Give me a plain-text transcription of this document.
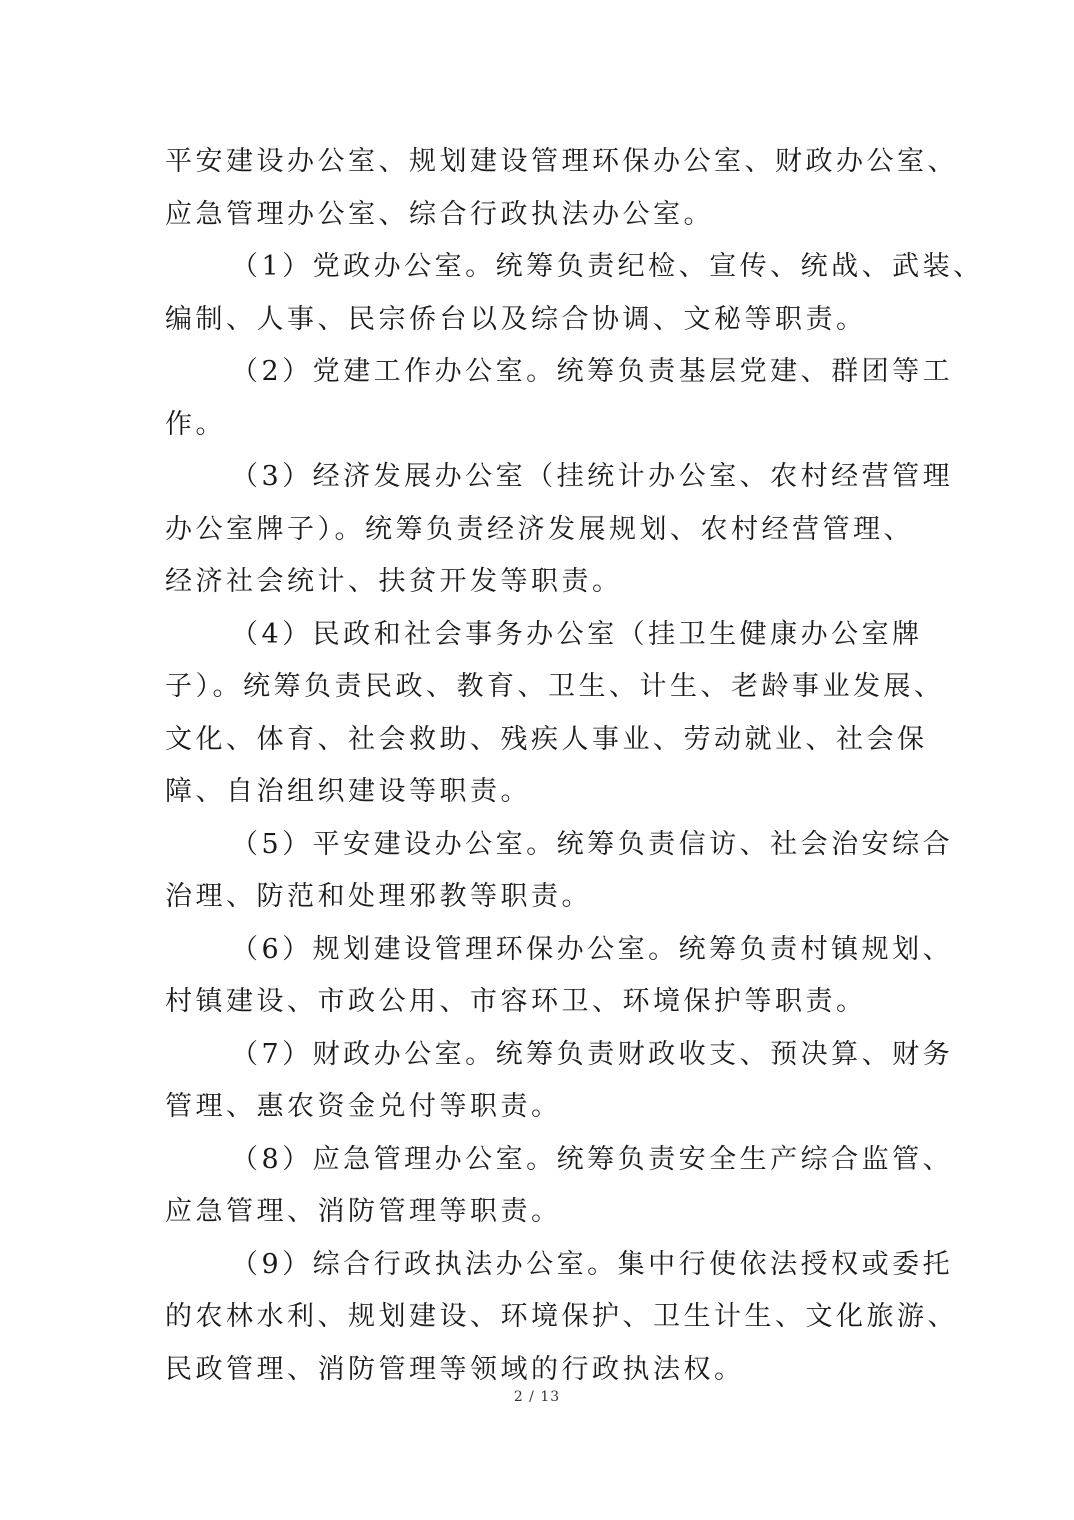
平安建设办公室、规划建设管理环保办公室、财政办公室、
应急管理办公室、综合行政执法办公室。
（1）党政办公室。统筹负责纪检、宣传、统战、武装、
编制、人事、民宗侨台以及综合协调、文秘等职责。
（2）党建工作办公室。统筹负责基层党建、群团等工
作。
（3）经济发展办公室（挂统计办公室、农村经营管理
办公室牌子）。统筹负责经济发展规划、农村经营管理、
经济社会统计、扶贫开发等职责。
（4）民政和社会事务办公室（挂卫生健康办公室牌
子）。统筹负责民政、教育、卫生、计生、老龄事业发展、
文化、体育、社会救助、残疾人事业、劳动就业、社会保
障、自治组织建设等职责。
（5）平安建设办公室。统筹负责信访、社会治安综合
治理、防范和处理邪教等职责。
（6）规划建设管理环保办公室。统筹负责村镇规划、
村镇建设、市政公用、市容环卫、环境保护等职责。
（7）财政办公室。统筹负责财政收支、预决算、财务
管理、惠农资金兑付等职责。
（8）应急管理办公室。统筹负责安全生产综合监管、
应急管理、消防管理等职责。
（9）综合行政执法办公室。集中行使依法授权或委托
的农林水利、规划建设、环境保护、卫生计生、文化旅游、
民政管理、消防管理等领域的行政执法权。
2 / 13
